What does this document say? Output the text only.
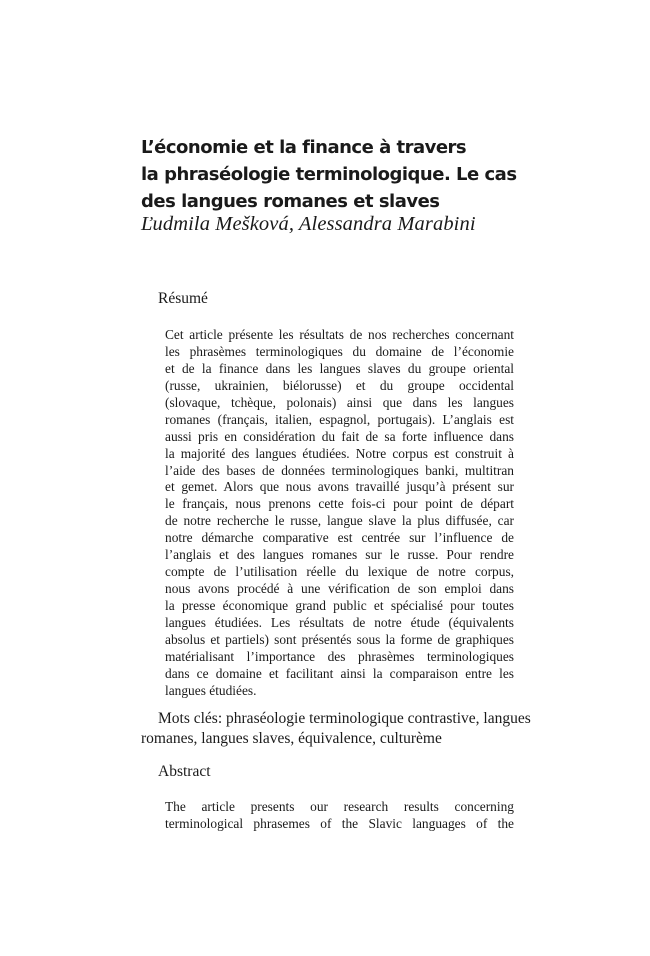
L’économie et la finance à travers
la phraséologie terminologique. Le cas
des langues romanes et slaves
Ľudmila Mešková, Alessandra Marabini
Résumé
Cet article présente les résultats de nos recherches concernant
les phrasèmes terminologiques du domaine de l’économie
et de la finance dans les langues slaves du groupe oriental
(russe, ukrainien, biélorusse) et du groupe occidental
(slovaque, tchèque, polonais) ainsi que dans les langues
romanes (français, italien, espagnol, portugais). L’anglais est
aussi pris en considération du fait de sa forte influence dans
la majorité des langues étudiées. Notre corpus est construit à
l’aide des bases de données terminologiques banki, multitran
et gemet. Alors que nous avons travaillé jusqu’à présent sur
le français, nous prenons cette fois-ci pour point de départ
de notre recherche le russe, langue slave la plus diffusée, car
notre démarche comparative est centrée sur l’influence de
l’anglais et des langues romanes sur le russe. Pour rendre
compte de l’utilisation réelle du lexique de notre corpus,
nous avons procédé à une vérification de son emploi dans
la presse économique grand public et spécialisé pour toutes
langues étudiées. Les résultats de notre étude (équivalents
absolus et partiels) sont présentés sous la forme de graphiques
matérialisant l’importance des phrasèmes terminologiques
dans ce domaine et facilitant ainsi la comparaison entre les
langues étudiées.
Mots clés: phraséologie terminologique contrastive, langues
romanes, langues slaves, équivalence, culturème
Abstract
The article presents our research results concerning
terminological phrasemes of the Slavic languages of the
